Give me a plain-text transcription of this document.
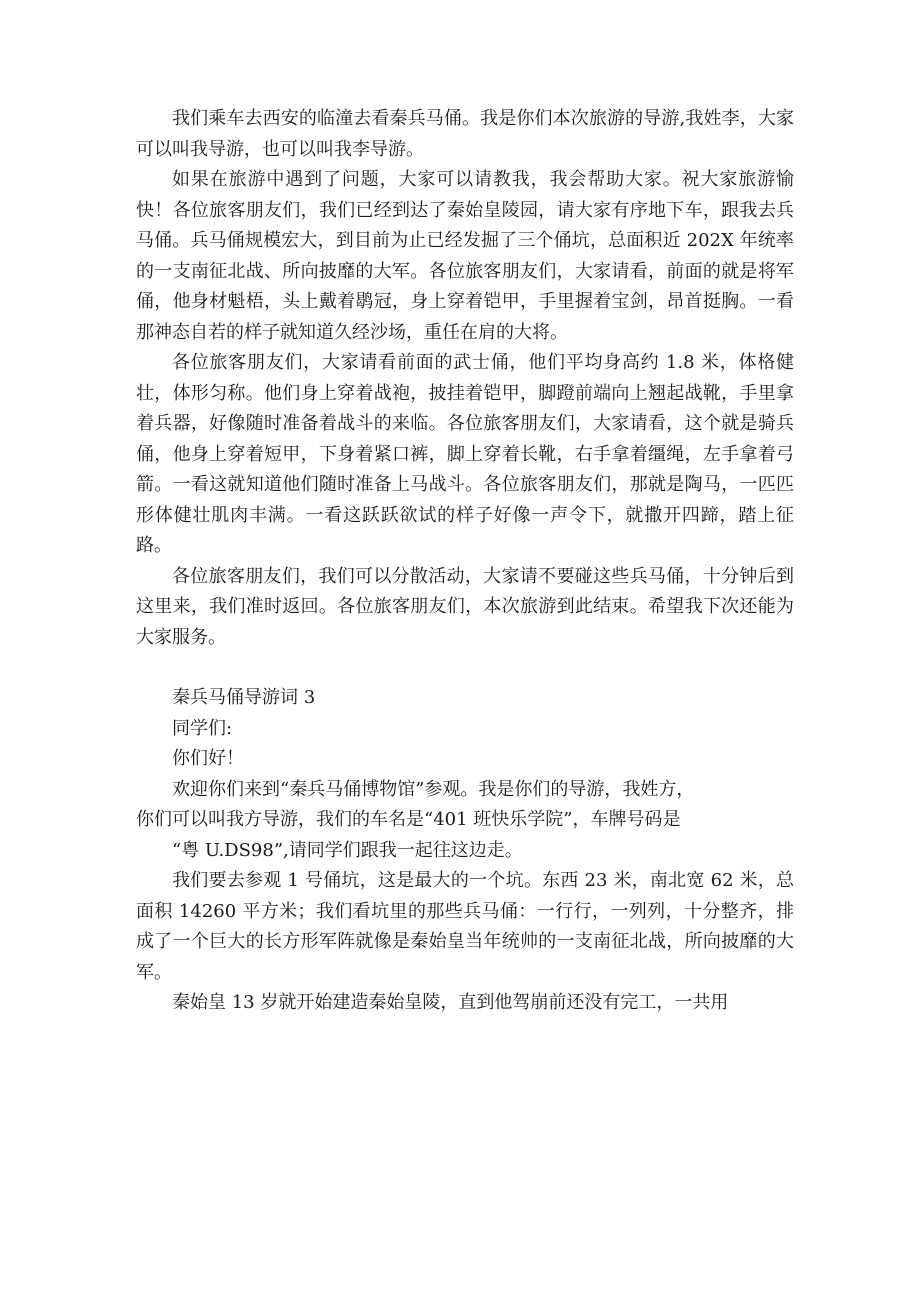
我们乘车去西安的临潼去看秦兵马俑。我是你们本次旅游的导游,我姓李，大家可以叫我导游，也可以叫我李导游。

如果在旅游中遇到了问题，大家可以请教我，我会帮助大家。祝大家旅游愉快！各位旅客朋友们，我们已经到达了秦始皇陵园，请大家有序地下车，跟我去兵马俑。兵马俑规模宏大，到目前为止已经发掘了三个俑坑，总面积近 202X 年统率的一支南征北战、所向披靡的大军。各位旅客朋友们，大家请看，前面的就是将军俑，他身材魁梧，头上戴着鹖冠，身上穿着铠甲，手里握着宝剑，昂首挺胸。一看那神态自若的样子就知道久经沙场，重任在肩的大将。

各位旅客朋友们，大家请看前面的武士俑，他们平均身高约 1.8 米，体格健壮，体形匀称。他们身上穿着战袍，披挂着铠甲，脚蹬前端向上翘起战靴，手里拿着兵器，好像随时准备着战斗的来临。各位旅客朋友们，大家请看，这个就是骑兵俑，他身上穿着短甲，下身着紧口裤，脚上穿着长靴，右手拿着缰绳，左手拿着弓箭。一看这就知道他们随时准备上马战斗。各位旅客朋友们，那就是陶马，一匹匹形体健壮肌肉丰满。一看这跃跃欲试的样子好像一声令下，就撒开四蹄，踏上征路。

各位旅客朋友们，我们可以分散活动，大家请不要碰这些兵马俑，十分钟后到这里来，我们准时返回。各位旅客朋友们，本次旅游到此结束。希望我下次还能为大家服务。

秦兵马俑导游词 3
同学们:
你们好！
欢迎你们来到“秦兵马俑博物馆”参观。我是你们的导游，我姓方，
你们可以叫我方导游，我们的车名是“401 班快乐学院”，车牌号码是
“粤 U.DS98”,请同学们跟我一起往这边走。

我们要去参观 1 号俑坑，这是最大的一个坑。东西 23 米，南北宽 62 米，总面积 14260 平方米；我们看坑里的那些兵马俑：一行行，一列列，十分整齐，排成了一个巨大的长方形军阵就像是秦始皇当年统帅的一支南征北战，所向披靡的大军。

秦始皇 13 岁就开始建造秦始皇陵，直到他驾崩前还没有完工，一共用
